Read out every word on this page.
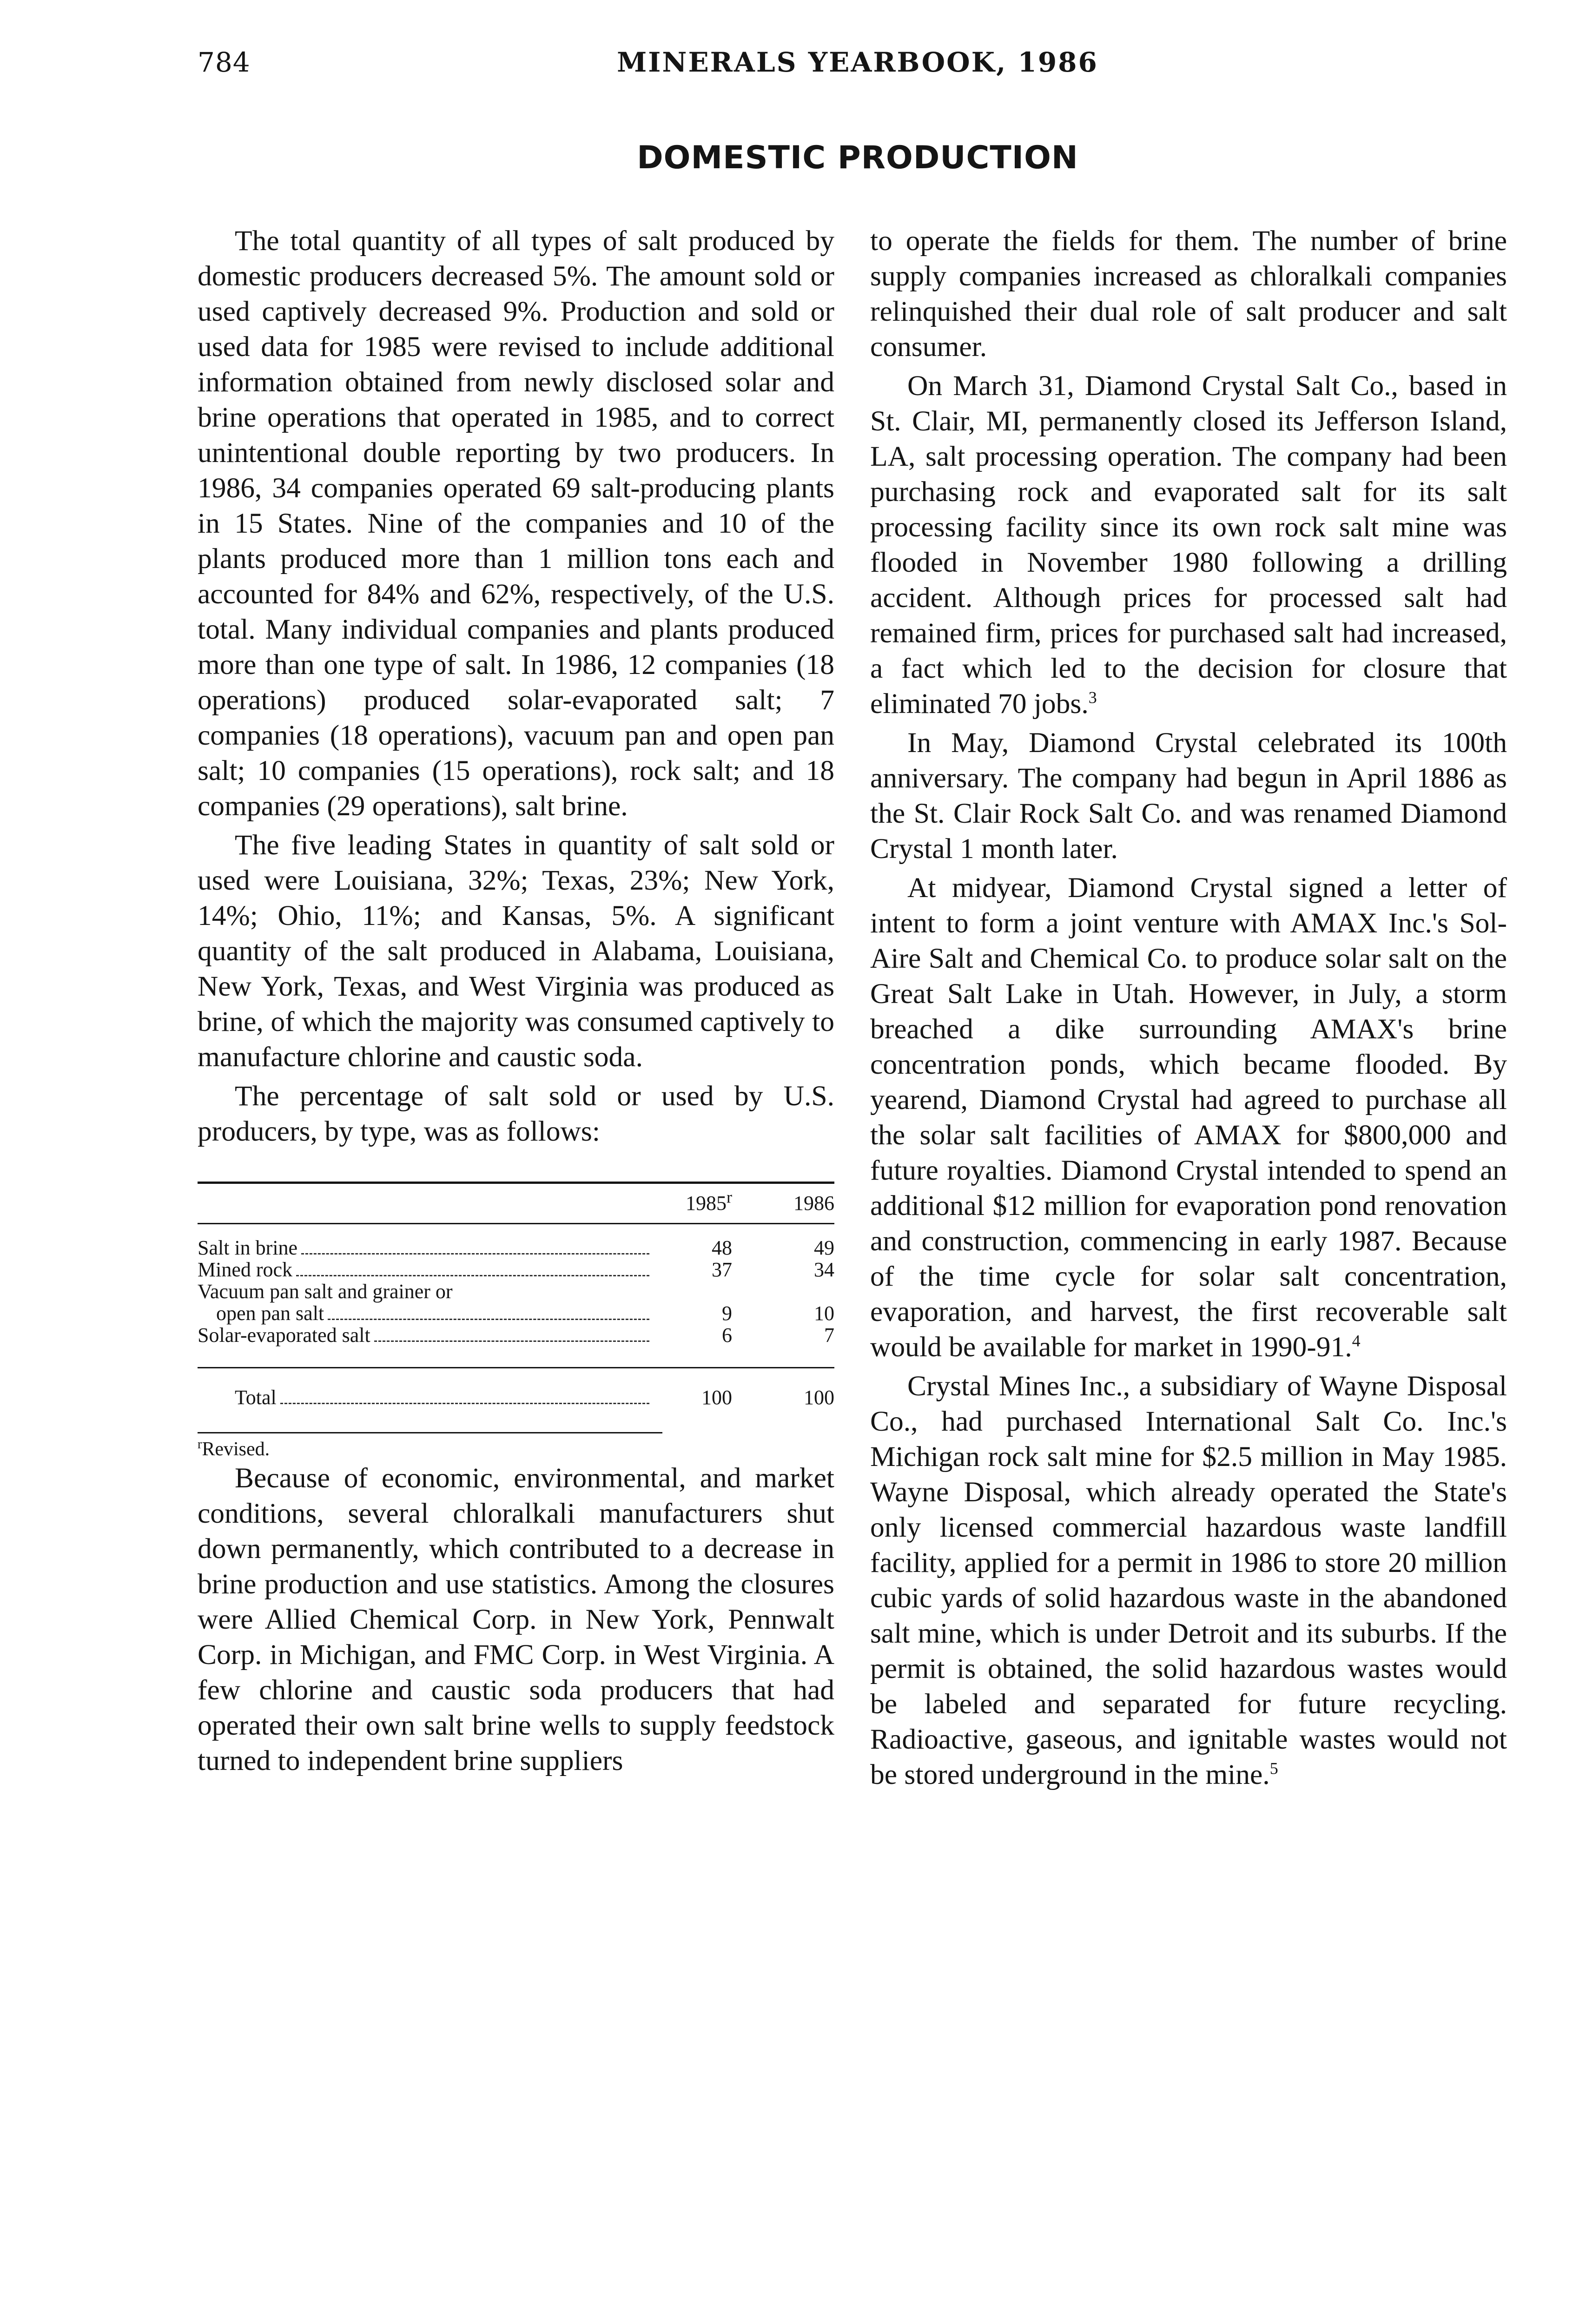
784	MINERALS YEARBOOK, 1986
DOMESTIC PRODUCTION

The total quantity of all types of salt produced by domestic producers decreased 5%. The amount sold or used captively decreased 9%. Production and sold or used data for 1985 were revised to include additional information obtained from newly disclosed solar and brine operations that operated in 1985, and to correct unintentional double reporting by two producers. In 1986, 34 companies operated 69 salt-producing plants in 15 States. Nine of the companies and 10 of the plants produced more than 1 million tons each and accounted for 84% and 62%, respectively, of the U.S. total. Many individual companies and plants produced more than one type of salt. In 1986, 12 companies (18 operations) produced solar-evaporated salt; 7 companies (18 operations), vacuum pan and open pan salt; 10 companies (15 operations), rock salt; and 18 companies (29 operations), salt brine.

The five leading States in quantity of salt sold or used were Louisiana, 32%; Texas, 23%; New York, 14%; Ohio, 11%; and Kansas, 5%. A significant quantity of the salt produced in Alabama, Louisiana, New York, Texas, and West Virginia was produced as brine, of which the majority was consumed captively to manufacture chlorine and caustic soda.

The percentage of salt sold or used by U.S. producers, by type, was as follows:

1985$^r$	1986
Salt in brine	48	49
Mined rock	37	34
Vacuum pan salt and grainer or
open pan salt	9	10
Solar-evaporated salt	6	7
Total	100	100
$^r$Revised.

Because of economic, environmental, and market conditions, several chloralkali manufacturers shut down permanently, which contributed to a decrease in brine production and use statistics. Among the closures were Allied Chemical Corp. in New York, Pennwalt Corp. in Michigan, and FMC Corp. in West Virginia. A few chlorine and caustic soda producers that had operated their own salt brine wells to supply feedstock turned to independent brine suppliers

to operate the fields for them. The number of brine supply companies increased as chloralkali companies relinquished their dual role of salt producer and salt consumer.

On March 31, Diamond Crystal Salt Co., based in St. Clair, MI, permanently closed its Jefferson Island, LA, salt processing operation. The company had been purchasing rock and evaporated salt for its salt processing facility since its own rock salt mine was flooded in November 1980 following a drilling accident. Although prices for processed salt had remained firm, prices for purchased salt had increased, a fact which led to the decision for closure that eliminated 70 jobs.$^3$

In May, Diamond Crystal celebrated its 100th anniversary. The company had begun in April 1886 as the St. Clair Rock Salt Co. and was renamed Diamond Crystal 1 month later.

At midyear, Diamond Crystal signed a letter of intent to form a joint venture with AMAX Inc.'s Sol-Aire Salt and Chemical Co. to produce solar salt on the Great Salt Lake in Utah. However, in July, a storm breached a dike surrounding AMAX's brine concentration ponds, which became flooded. By yearend, Diamond Crystal had agreed to purchase all the solar salt facilities of AMAX for $800,000 and future royalties. Diamond Crystal intended to spend an additional $12 million for evaporation pond renovation and construction, commencing in early 1987. Because of the time cycle for solar salt concentration, evaporation, and harvest, the first recoverable salt would be available for market in 1990-91.$^4$

Crystal Mines Inc., a subsidiary of Wayne Disposal Co., had purchased International Salt Co. Inc.'s Michigan rock salt mine for $2.5 million in May 1985. Wayne Disposal, which already operated the State's only licensed commercial hazardous waste landfill facility, applied for a permit in 1986 to store 20 million cubic yards of solid hazardous waste in the abandoned salt mine, which is under Detroit and its suburbs. If the permit is obtained, the solid hazardous wastes would be labeled and separated for future recycling. Radioactive, gaseous, and ignitable wastes would not be stored underground in the mine.$^5$
